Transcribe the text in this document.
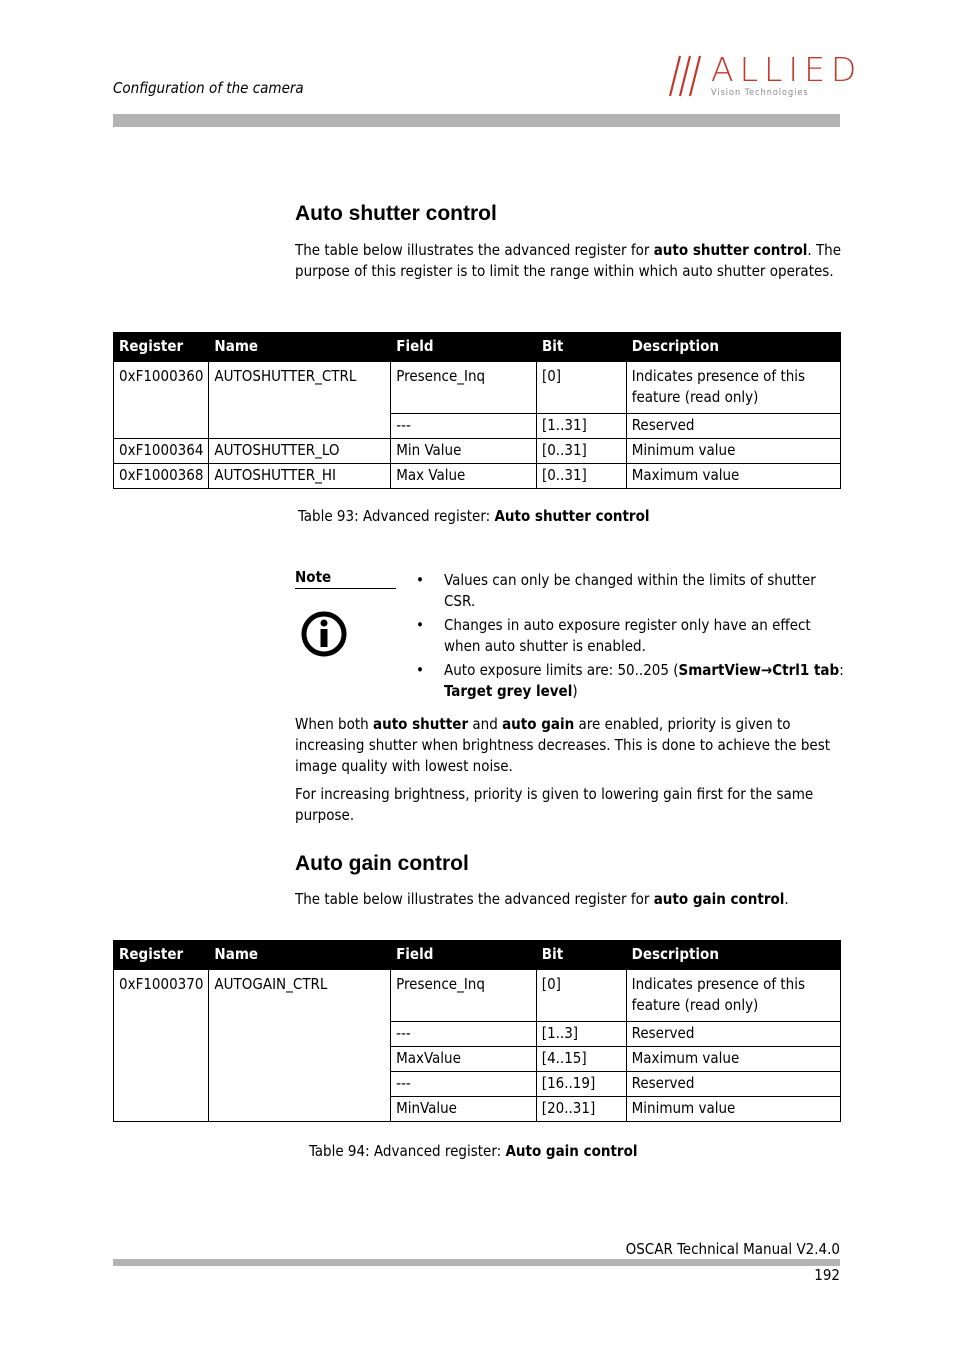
Configuration of the camera	ALLIED
Vision Technologies
Auto shutter control
The table below illustrates the advanced register for auto shutter control. The purpose of this register is to limit the range within which auto shutter operates.
Register	Name	Field	Bit	Description
0xF1000360	AUTOSHUTTER_CTRL	Presence_Inq	[0]	Indicates presence of this feature (read only)
		---	[1..31]	Reserved
0xF1000364	AUTOSHUTTER_LO	Min Value	[0..31]	Minimum value
0xF1000368	AUTOSHUTTER_HI	Max Value	[0..31]	Maximum value
Table 93: Advanced register: Auto shutter control
Note	• Values can only be changed within the limits of shutter CSR.
• Changes in auto exposure register only have an effect when auto shutter is enabled.
• Auto exposure limits are: 50..205 (SmartView→Ctrl1 tab: Target grey level)
When both auto shutter and auto gain are enabled, priority is given to increasing shutter when brightness decreases. This is done to achieve the best image quality with lowest noise.
For increasing brightness, priority is given to lowering gain first for the same purpose.
Auto gain control
The table below illustrates the advanced register for auto gain control.
Register	Name	Field	Bit	Description
0xF1000370	AUTOGAIN_CTRL	Presence_Inq	[0]	Indicates presence of this feature (read only)
		---	[1..3]	Reserved
		MaxValue	[4..15]	Maximum value
		---	[16..19]	Reserved
		MinValue	[20..31]	Minimum value
Table 94: Advanced register: Auto gain control
OSCAR Technical Manual V2.4.0
192
